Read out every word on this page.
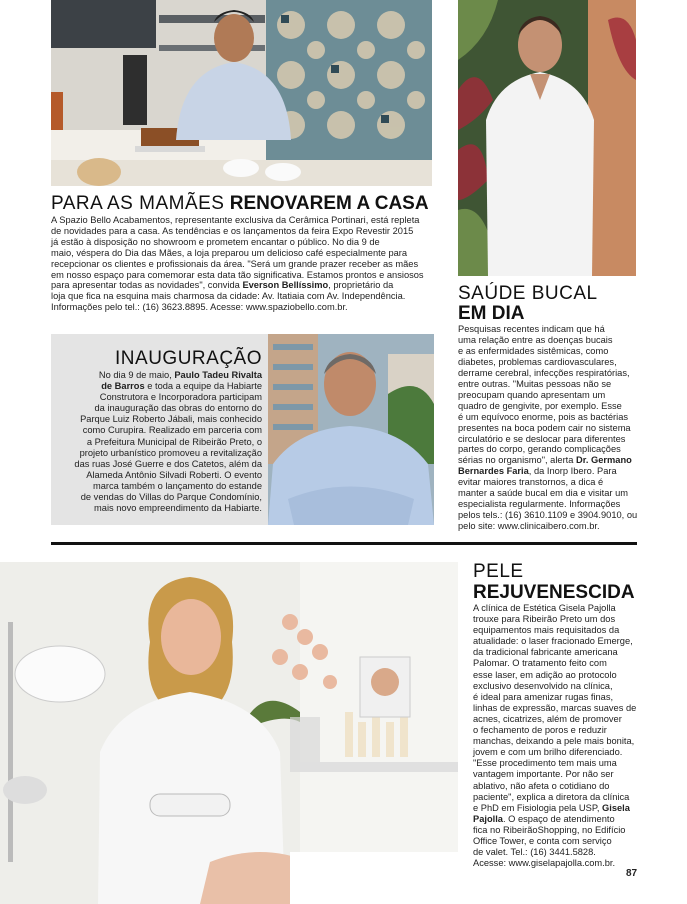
PARA AS MAMÃES RENOVAREM A CASA
A Spazio Bello Acabamentos, representante exclusiva da Cerâmica Portinari, está repleta
de novidades para a casa. As tendências e os lançamentos da feira Expo Revestir 2015
já estão à disposição no showroom e prometem encantar o público. No dia 9 de
maio, véspera do Dia das Mães, a loja preparou um delicioso café especialmente para
recepcionar os clientes e profissionais da área. "Será um grande prazer receber as mães
em nosso espaço para comemorar esta data tão significativa. Estamos prontos e ansiosos
para apresentar todas as novidades", convida Everson Bellíssimo, proprietário da
loja que fica na esquina mais charmosa da cidade: Av. Itatiaia com Av. Independência.
Informações pelo tel.: (16) 3623.8895. Acesse: www.spaziobello.com.br.
SAÚDE BUCAL
EM DIA
Pesquisas recentes indicam que há
uma relação entre as doenças bucais
e as enfermidades sistêmicas, como
diabetes, problemas cardiovasculares,
derrame cerebral, infecções respiratórias,
entre outras. "Muitas pessoas não se
preocupam quando apresentam um
quadro de gengivite, por exemplo. Esse
é um equívoco enorme, pois as bactérias
presentes na boca podem cair no sistema
circulatório e se deslocar para diferentes
partes do corpo, gerando complicações
sérias no organismo", alerta Dr. Germano
Bernardes Faria, da Inorp Ibero. Para
evitar maiores transtornos, a dica é
manter a saúde bucal em dia e visitar um
especialista regularmente. Informações
pelos tels.: (16) 3610.1109 e 3904.9010, ou
pelo site: www.clinicaibero.com.br.
INAUGURAÇÃO
No dia 9 de maio, Paulo Tadeu Rivalta
de Barros e toda a equipe da Habiarte
Construtora e Incorporadora participam
da inauguração das obras do entorno do
Parque Luiz Roberto Jábali, mais conhecido
como Curupira. Realizado em parceria com
a Prefeitura Municipal de Ribeirão Preto, o
projeto urbanístico promoveu a revitalização
das ruas José Guerre e dos Catetos, além da
Alameda Antônio Silvadi Roberti. O evento
marca também o lançamento do estande
de vendas do Villas do Parque Condomínio,
mais novo empreendimento da Habiarte.
PELE
REJUVENESCIDA
A clínica de Estética Gisela Pajolla
trouxe para Ribeirão Preto um dos
equipamentos mais requisitados da
atualidade: o laser fracionado Emerge,
da tradicional fabricante americana
Palomar. O tratamento feito com
esse laser, em adição ao protocolo
exclusivo desenvolvido na clínica,
é ideal para amenizar rugas finas,
linhas de expressão, marcas suaves de
acnes, cicatrizes, além de promover
o fechamento de poros e reduzir
manchas, deixando a pele mais bonita,
jovem e com um brilho diferenciado.
"Esse procedimento tem mais uma
vantagem importante. Por não ser
ablativo, não afeta o cotidiano do
paciente", explica a diretora da clínica
e PhD em Fisiologia pela USP, Gisela
Pajolla. O espaço de atendimento
fica no RibeirãoShopping, no Edifício
Office Tower, e conta com serviço
de valet. Tel.: (16) 3441.5828.
Acesse: www.giselapajolla.com.br.
87
